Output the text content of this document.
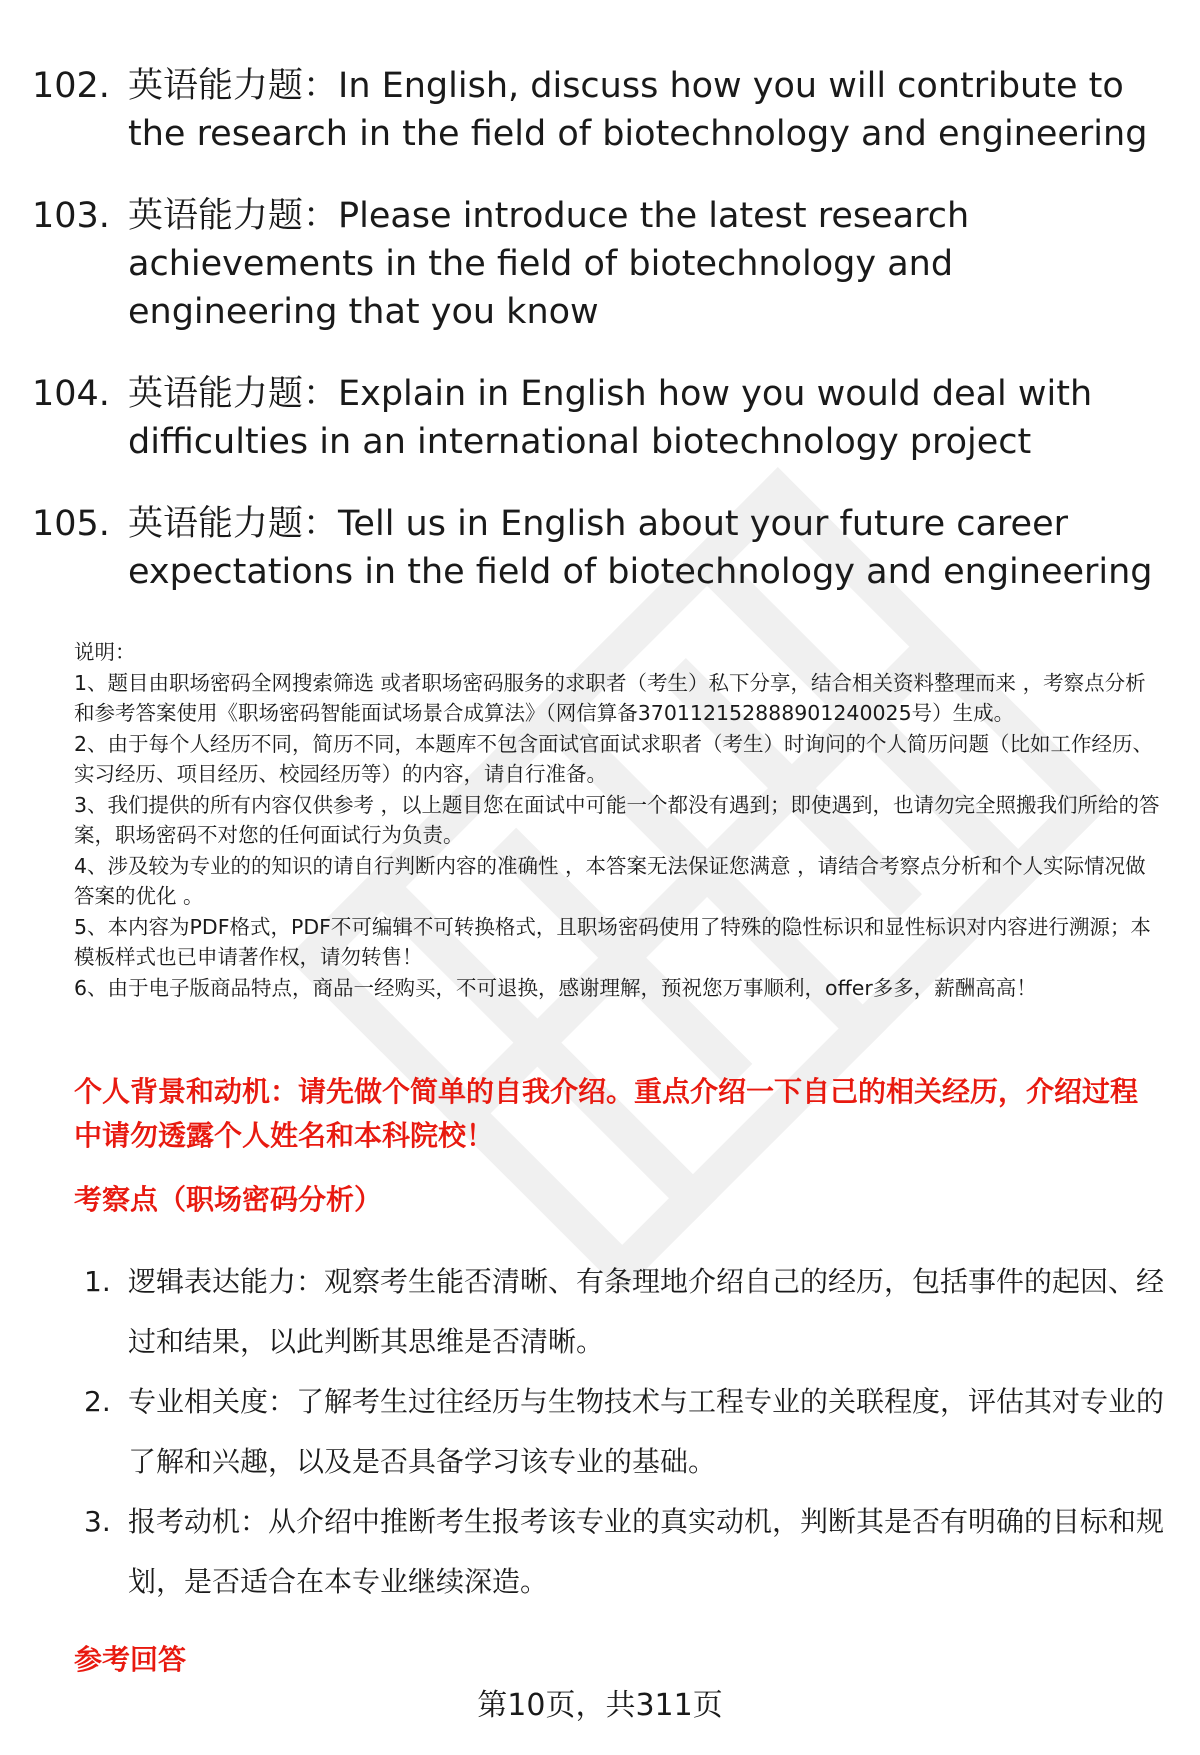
102. 英语能力题：In English, discuss how you will contribute to the research in the field of biotechnology and engineering
103. 英语能力题：Please introduce the latest research achievements in the field of biotechnology and engineering that you know
104. 英语能力题：Explain in English how you would deal with difficulties in an international biotechnology project
105. 英语能力题：Tell us in English about your future career expectations in the field of biotechnology and engineering

说明：

1、题目由职场密码全网搜索筛选 或者职场密码服务的求职者（考生）私下分享，结合相关资料整理而来 ，考察点分析和参考答案使用《职场密码智能面试场景合成算法》（网信算备370112152888901240025号）生成。

2、由于每个人经历不同，简历不同，本题库不包含面试官面试求职者（考生）时询问的个人简历问题（比如工作经历、实习经历、项目经历、校园经历等）的内容，请自行准备。

3、我们提供的所有内容仅供参考 ，以上题目您在面试中可能一个都没有遇到；即使遇到，也请勿完全照搬我们所给的答案，职场密码不对您的任何面试行为负责。

4、涉及较为专业的的知识的请自行判断内容的准确性 ，本答案无法保证您满意 ，请结合考察点分析和个人实际情况做答案的优化 。

5、本内容为PDF格式，PDF不可编辑不可转换格式，且职场密码使用了特殊的隐性标识和显性标识对内容进行溯源；本模板样式也已申请著作权，请勿转售！

6、由于电子版商品特点，商品一经购买，不可退换，感谢理解，预祝您万事顺利，offer多多，薪酬高高！

个人背景和动机：请先做个简单的自我介绍。重点介绍一下自己的相关经历，介绍过程中请勿透露个人姓名和本科院校！
考察点（职场密码分析）
1. 逻辑表达能力：观察考生能否清晰、有条理地介绍自己的经历，包括事件的起因、经过和结果，以此判断其思维是否清晰。
2. 专业相关度：了解考生过往经历与生物技术与工程专业的关联程度，评估其对专业的了解和兴趣，以及是否具备学习该专业的基础。
3. 报考动机：从介绍中推断考生报考该专业的真实动机，判断其是否有明确的目标和规划，是否适合在本专业继续深造。
参考回答
第10页，共311页
